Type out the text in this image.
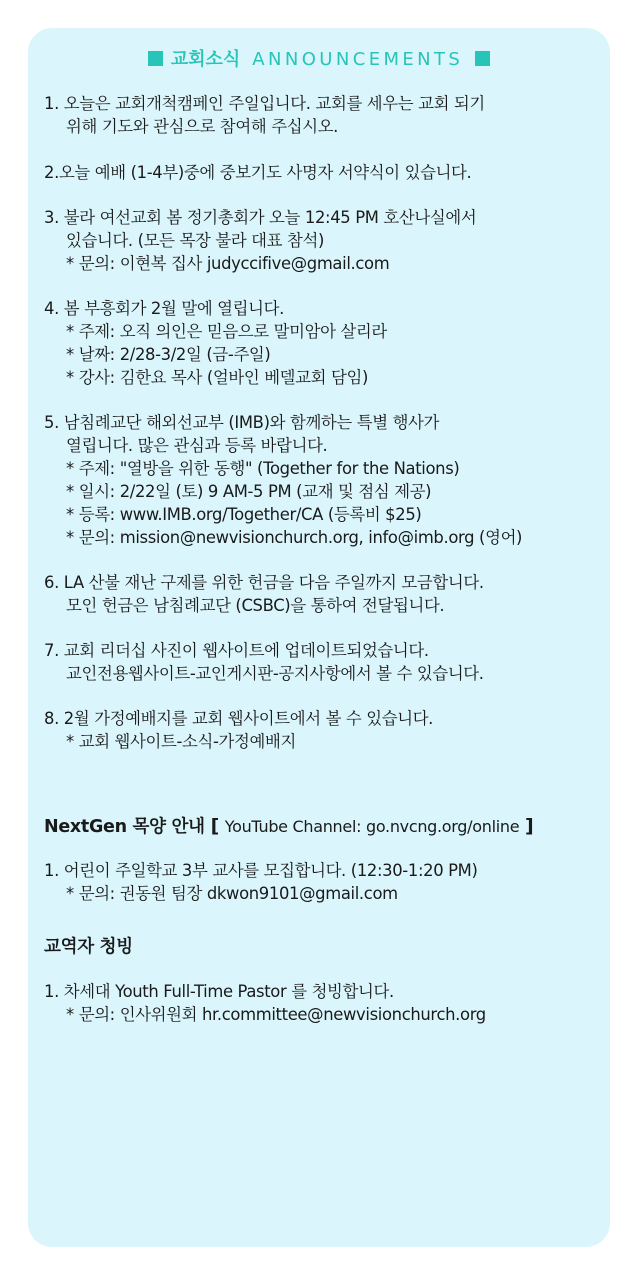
교회소식 ANNOUNCEMENTS
1. 오늘은 교회개척캠페인 주일입니다. 교회를 세우는 교회 되기
위해 기도와 관심으로 참여해 주십시오.
2.오늘 예배 (1-4부)중에 중보기도 사명자 서약식이 있습니다.
3. 불라 여선교회 봄 정기총회가 오늘 12:45 PM 호산나실에서
있습니다. (모든 목장 불라 대표 참석)
* 문의: 이현복 집사 judyccifive@gmail.com
4. 봄 부흥회가 2월 말에 열립니다.
* 주제: 오직 의인은 믿음으로 말미암아 살리라
* 날짜: 2/28-3/2일 (금-주일)
* 강사: 김한요 목사 (얼바인 베델교회 담임)
5. 남침례교단 해외선교부 (IMB)와 함께하는 특별 행사가
열립니다. 많은 관심과 등록 바랍니다.
* 주제: "열방을 위한 동행" (Together for the Nations)
* 일시: 2/22일 (토) 9 AM-5 PM (교재 및 점심 제공)
* 등록: www.IMB.org/Together/CA (등록비 $25)
* 문의: mission@newvisionchurch.org, info@imb.org (영어)
6. LA 산불 재난 구제를 위한 헌금을 다음 주일까지 모금합니다.
모인 헌금은 남침례교단 (CSBC)을 통하여 전달됩니다.
7. 교회 리더십 사진이 웹사이트에 업데이트되었습니다.
교인전용웹사이트-교인게시판-공지사항에서 볼 수 있습니다.
8. 2월 가정예배지를 교회 웹사이트에서 볼 수 있습니다.
* 교회 웹사이트-소식-가정예배지
NextGen 목양 안내 [ YouTube Channel: go.nvcng.org/online ]
1. 어린이 주일학교 3부 교사를 모집합니다. (12:30-1:20 PM)
* 문의: 권동원 팀장 dkwon9101@gmail.com
교역자 청빙
1. 차세대 Youth Full-Time Pastor 를 청빙합니다.
* 문의: 인사위원회 hr.committee@newvisionchurch.org
